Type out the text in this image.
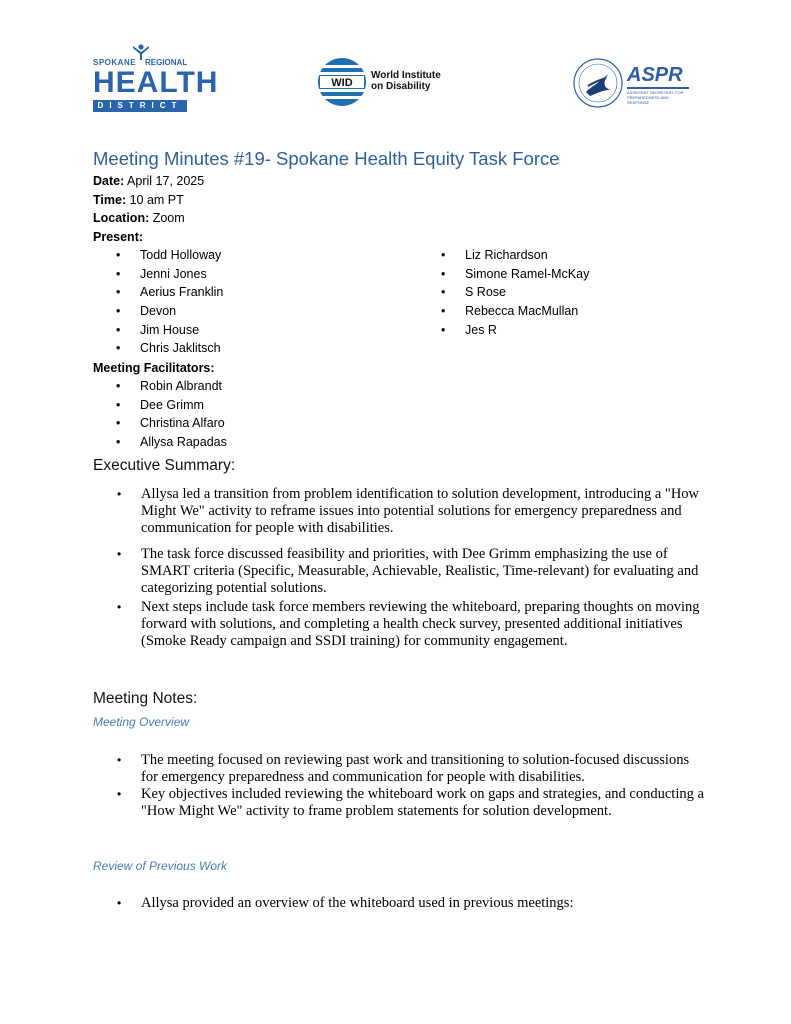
SPOKANE REGIONAL
HEALTH
DISTRICT
WID
World Institute
on Disability
ASPR
ASSISTANT SECRETARY FOR
PREPAREDNESS AND RESPONSE
Meeting Minutes #19- Spokane Health Equity Task Force
Date: April 17, 2025
Time: 10 am PT
Location: Zoom
Present:
• Todd Holloway
• Jenni Jones
• Aerius Franklin
• Devon
• Jim House
• Chris Jaklitsch
• Liz Richardson
• Simone Ramel-McKay
• S Rose
• Rebecca MacMullan
• Jes R
Meeting Facilitators:
• Robin Albrandt
• Dee Grimm
• Christina Alfaro
• Allysa Rapadas
Executive Summary:
• Allysa led a transition from problem identification to solution development, introducing a "How Might We" activity to reframe issues into potential solutions for emergency preparedness and communication for people with disabilities.
• The task force discussed feasibility and priorities, with Dee Grimm emphasizing the use of SMART criteria (Specific, Measurable, Achievable, Realistic, Time-relevant) for evaluating and categorizing potential solutions.
• Next steps include task force members reviewing the whiteboard, preparing thoughts on moving forward with solutions, and completing a health check survey, presented additional initiatives (Smoke Ready campaign and SSDI training) for community engagement.
Meeting Notes:
Meeting Overview
• The meeting focused on reviewing past work and transitioning to solution-focused discussions for emergency preparedness and communication for people with disabilities.
• Key objectives included reviewing the whiteboard work on gaps and strategies, and conducting a "How Might We" activity to frame problem statements for solution development.
Review of Previous Work
• Allysa provided an overview of the whiteboard used in previous meetings:
